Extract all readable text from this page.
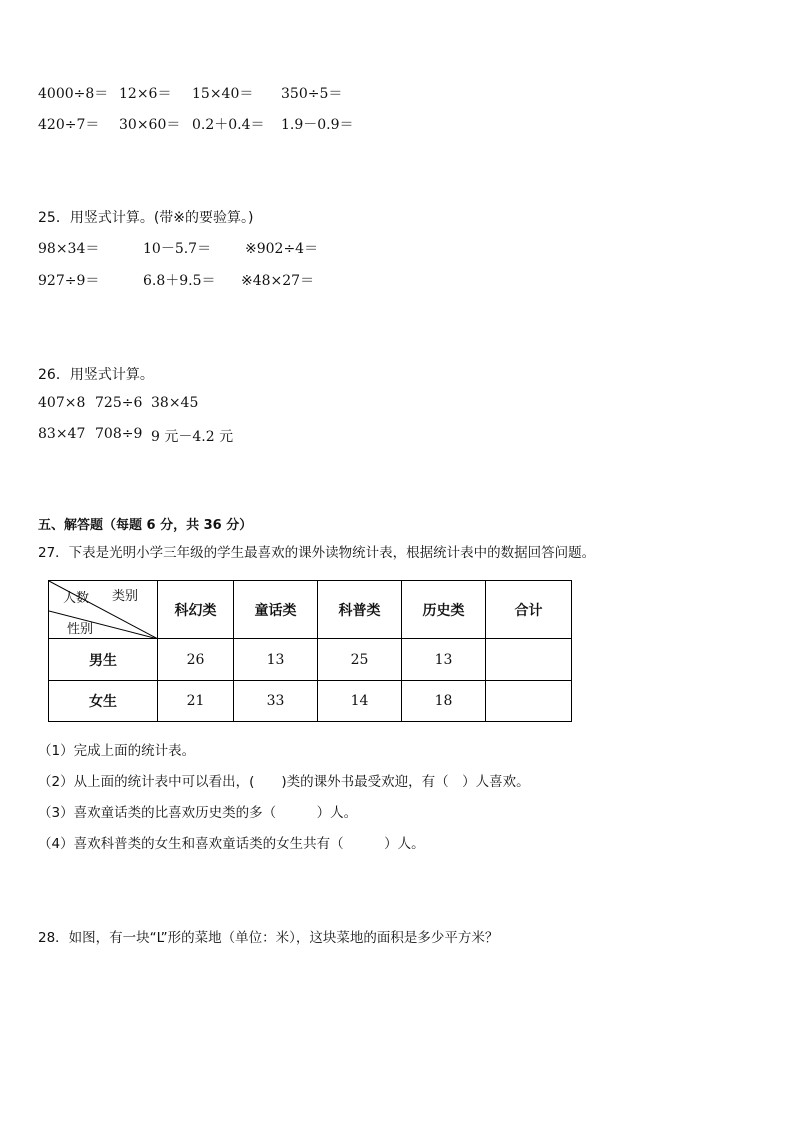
4000÷8＝ 12×6＝ 15×40＝ 350÷5＝
420÷7＝ 30×60＝ 0.2＋0.4＝ 1.9－0.9＝
25．用竖式计算。(带※的要验算。)
98×34＝	10－5.7＝ ※902÷4＝
927÷9＝	6.8＋9.5＝ ※48×27＝
26．用竖式计算。
407×8 725÷6 38×45
83×47 708÷9 9 元－4.2 元
五、解答题（每题 6 分，共 36 分）
27．下表是光明小学三年级的学生最喜欢的课外读物统计表，根据统计表中的数据回答问题。
人数 类别
性别	科幻类	童话类	科普类	历史类	合计
男生	26	13	25	13	
女生	21	33	14	18	
（1）完成上面的统计表。
（2）从上面的统计表中可以看出，(　　)类的课外书最受欢迎，有（　）人喜欢。
（3）喜欢童话类的比喜欢历史类的多（　　　）人。
（4）喜欢科普类的女生和喜欢童话类的女生共有（　　　）人。
28．如图，有一块“L”形的菜地（单位：米），这块菜地的面积是多少平方米？
